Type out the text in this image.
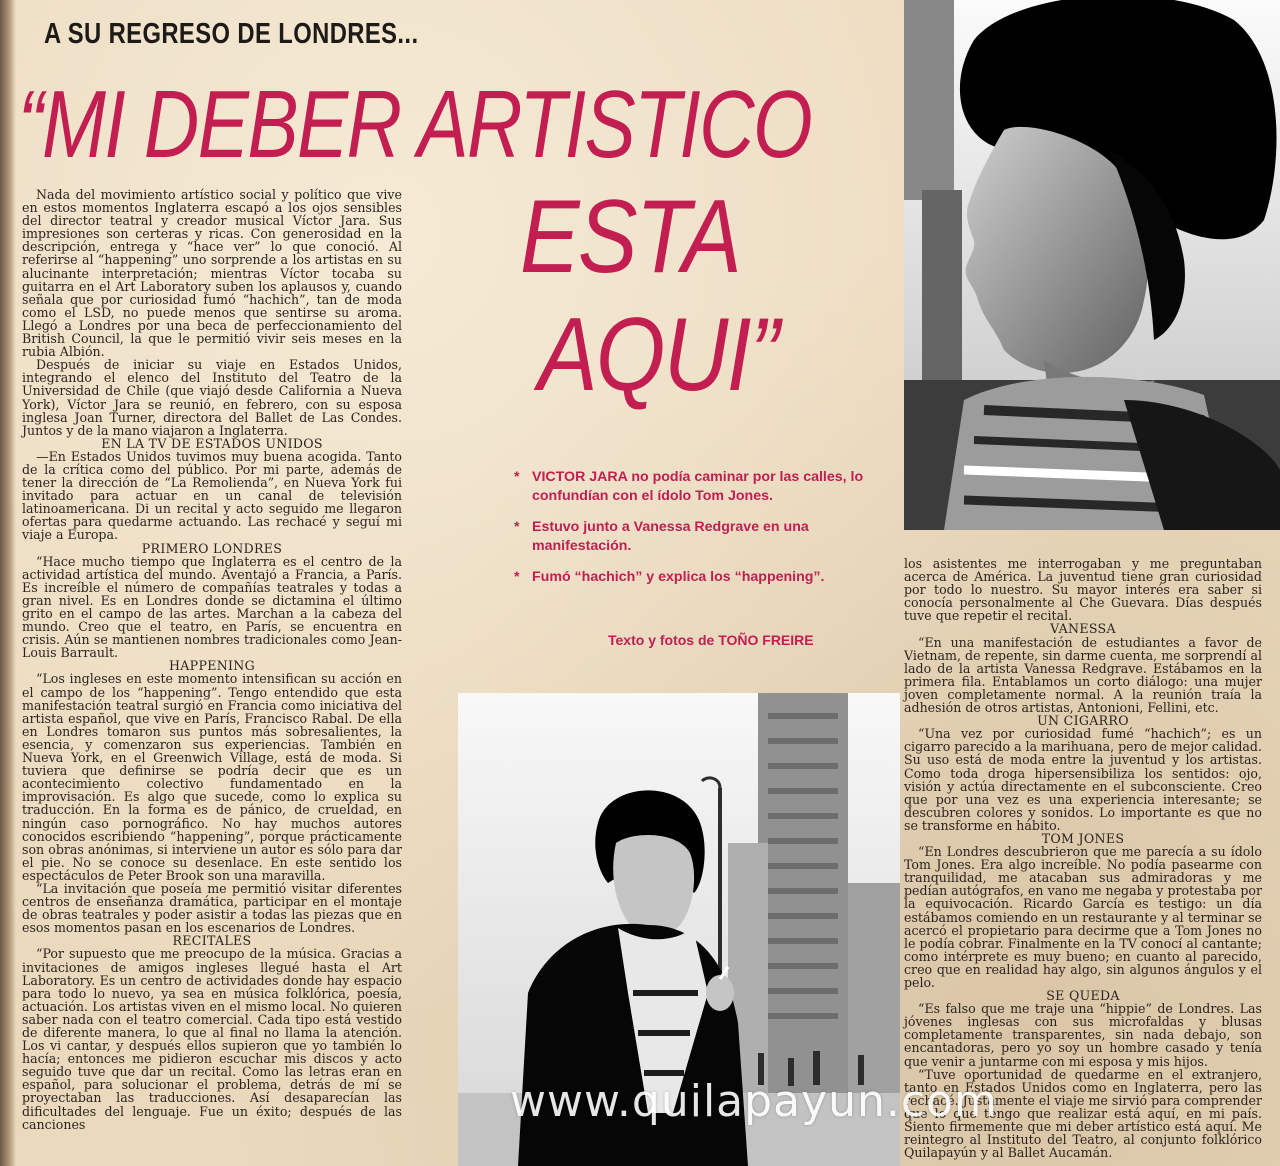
A SU REGRESO DE LONDRES...
“MI DEBER ARTISTICO
ESTA
AQUI”

Nada del movimiento artístico social y político que vive en estos momentos Inglaterra escapó a los ojos sensibles del director teatral y creador musical Víctor Jara. Sus impresiones son certeras y ricas. Con generosidad en la descripción, entrega y “hace ver” lo que conoció. Al referirse al “happening” uno sorprende a los artistas en su alucinante interpretación; mientras Víctor tocaba su guitarra en el Art Laboratory suben los aplausos y, cuando señala que por curiosidad fumó “hachich”, tan de moda como el LSD, no puede menos que sentirse su aroma. Llegó a Londres por una beca de perfeccionamiento del British Council, la que le permitió vivir seis meses en la rubia Albión.

Después de iniciar su viaje en Estados Unidos, integrando el elenco del Instituto del Teatro de la Universidad de Chile (que viajó desde California a Nueva York), Víctor Jara se reunió, en febrero, con su esposa inglesa Joan Turner, directora del Ballet de Las Condes. Juntos y de la mano viajaron a Inglaterra.

EN LA TV DE ESTADOS UNIDOS

—En Estados Unidos tuvimos muy buena acogida. Tanto de la crítica como del público. Por mi parte, además de tener la dirección de “La Remolienda”, en Nueva York fui invitado para actuar en un canal de televisión latinoamericana. Di un recital y acto seguido me llegaron ofertas para quedarme actuando. Las rechacé y seguí mi viaje a Europa.

PRIMERO LONDRES

“Hace mucho tiempo que Inglaterra es el centro de la actividad artística del mundo. Aventajó a Francia, a París. Es increíble el número de compañías teatrales y todas a gran nivel. Es en Londres donde se dictamina el último grito en el campo de las artes. Marchan a la cabeza del mundo. Creo que el teatro, en París, se encuentra en crisis. Aún se mantienen nombres tradicionales como Jean-Louis Barrault.

HAPPENING

“Los ingleses en este momento intensifican su acción en el campo de los “happening”. Tengo entendido que esta manifestación teatral surgió en Francia como iniciativa del artista español, que vive en París, Francisco Rabal. De ella en Londres tomaron sus puntos más sobresalientes, la esencia, y comenzaron sus experiencias. También en Nueva York, en el Greenwich Village, está de moda. Si tuviera que definirse se podría decir que es un acontecimiento colectivo fundamentado en la improvisación. Es algo que sucede, como lo explica su traducción. En la forma es de pánico, de crueldad, en ningún caso pornográfico. No hay muchos autores conocidos escribiendo “happening”, porque prácticamente son obras anónimas, si interviene un autor es sólo para dar el pie. No se conoce su desenlace. En este sentido los espectáculos de Peter Brook son una maravilla.

“La invitación que poseía me permitió visitar diferentes centros de enseñanza dramática, participar en el montaje de obras teatrales y poder asistir a todas las piezas que en esos momentos pasan en los escenarios de Londres.

RECITALES

“Por supuesto que me preocupo de la música. Gracias a invitaciones de amigos ingleses llegué hasta el Art Laboratory. Es un centro de actividades donde hay espacio para todo lo nuevo, ya sea en música folklórica, poesía, actuación. Los artistas viven en el mismo local. No quieren saber nada con el teatro comercial. Cada tipo está vestido de diferente manera, lo que al final no llama la atención. Los vi cantar, y después ellos supieron que yo también lo hacía; entonces me pidieron escuchar mis discos y acto seguido tuve que dar un recital. Como las letras eran en español, para solucionar el problema, detrás de mí se proyectaban las traducciones. Así desaparecían las dificultades del lenguaje. Fue un éxito; después de las canciones

* VICTOR JARA no podía caminar por las calles, lo confundían con el ídolo Tom Jones.
* Estuvo junto a Vanessa Redgrave en una manifestación.
* Fumó “hachich” y explica los “happening”.
Texto y fotos de TOÑO FREIRE

los asistentes me interrogaban y me preguntaban acerca de América. La juventud tiene gran curiosidad por todo lo nuestro. Su mayor interés era saber si conocía personalmente al Che Guevara. Días después tuve que repetir el recital.

VANESSA

“En una manifestación de estudiantes a favor de Vietnam, de repente, sin darme cuenta, me sorprendí al lado de la artista Vanessa Redgrave. Estábamos en la primera fila. Entablamos un corto diálogo: una mujer joven completamente normal. A la reunión traía la adhesión de otros artistas, Antonioni, Fellini, etc.

UN CIGARRO

“Una vez por curiosidad fumé “hachich”; es un cigarro parecido a la marihuana, pero de mejor calidad. Su uso está de moda entre la juventud y los artistas. Como toda droga hipersensibiliza los sentidos: ojo, visión y actúa directamente en el subconsciente. Creo que por una vez es una experiencia interesante; se descubren colores y sonidos. Lo importante es que no se transforme en hábito.

TOM JONES

“En Londres descubrieron que me parecía a su ídolo Tom Jones. Era algo increíble. No podía pasearme con tranquilidad, me atacaban sus admiradoras y me pedían autógrafos, en vano me negaba y protestaba por la equivocación. Ricardo García es testigo: un día estábamos comiendo en un restaurante y al terminar se acercó el propietario para decirme que a Tom Jones no le podía cobrar. Finalmente en la TV conocí al cantante; como intérprete es muy bueno; en cuanto al parecido, creo que en realidad hay algo, sin algunos ángulos y el pelo.

SE QUEDA

“Es falso que me traje una “hippie” de Londres. Las jóvenes inglesas con sus microfaldas y blusas completamente transparentes, sin nada debajo, son encantadoras, pero yo soy un hombre casado y tenía que venir a juntarme con mi esposa y mis hijos.

“Tuve oportunidad de quedarme en el extranjero, tanto en Estados Unidos como en Inglaterra, pero las rechacé. Justamente el viaje me sirvió para comprender que lo que tengo que realizar está aquí, en mi país. Siento firmemente que mi deber artístico está aquí. Me reintegro al Instituto del Teatro, al conjunto folklórico Quilapayún y al Ballet Aucamán.

www.quilapayun.com
